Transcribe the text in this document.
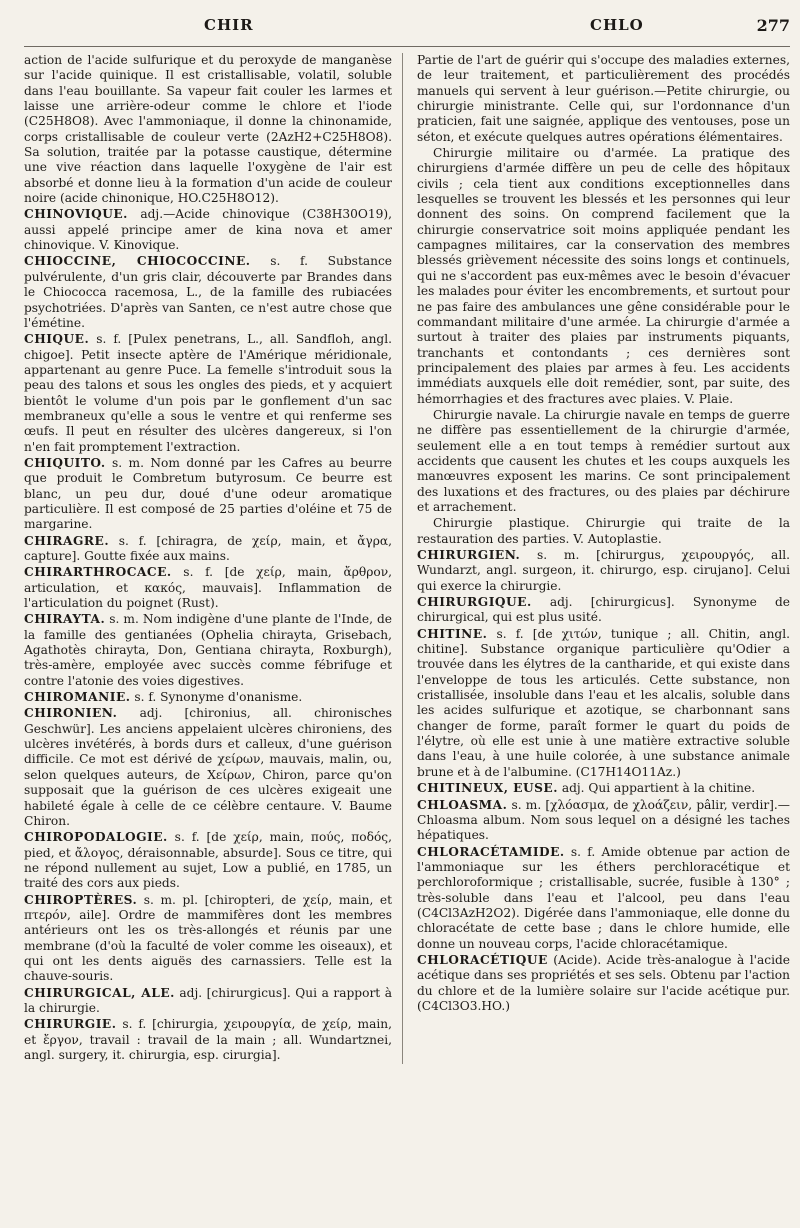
CHIR	CHLO	277

action de l'acide sulfurique et du peroxyde de manganèse sur l'acide quinique. Il est cristallisable, volatil, soluble dans l'eau bouillante. Sa vapeur fait couler les larmes et laisse une arrière-odeur comme le chlore et l'iode (C25H8O8). Avec l'ammoniaque, il donne la chinonamide, corps cristallisable de couleur verte (2AzH2+C25H8O8). Sa solution, traitée par la potasse caustique, détermine une vive réaction dans laquelle l'oxygène de l'air est absorbé et donne lieu à la formation d'un acide de couleur noire (acide chinonique, HO.C25H8O12).

CHINOVIQUE. adj.—Acide chinovique (C38H30O19), aussi appelé principe amer de kina nova et amer chinovique. V. Kinovique.

CHIOCCINE, CHIOCOCCINE. s. f. Substance pulvérulente, d'un gris clair, découverte par Brandes dans le Chiococca racemosa, L., de la famille des rubiacées psychotriées. D'après van Santen, ce n'est autre chose que l'émétine.

CHIQUE. s. f. [Pulex penetrans, L., all. Sandfloh, angl. chigoe]. Petit insecte aptère de l'Amérique méridionale, appartenant au genre Puce. La femelle s'introduit sous la peau des talons et sous les ongles des pieds, et y acquiert bientôt le volume d'un pois par le gonflement d'un sac membraneux qu'elle a sous le ventre et qui renferme ses œufs. Il peut en résulter des ulcères dangereux, si l'on n'en fait promptement l'extraction.

CHIQUITO. s. m. Nom donné par les Cafres au beurre que produit le Combretum butyrosum. Ce beurre est blanc, un peu dur, doué d'une odeur aromatique particulière. Il est composé de 25 parties d'oléine et 75 de margarine.

CHIRAGRE. s. f. [chiragra, de χείρ, main, et ἄγρα, capture]. Goutte fixée aux mains.

CHIRARTHROCACE. s. f. [de χείρ, main, ἄρθρον, articulation, et κακός, mauvais]. Inflammation de l'articulation du poignet (Rust).

CHIRAYTA. s. m. Nom indigène d'une plante de l'Inde, de la famille des gentianées (Ophelia chirayta, Grisebach, Agathotès chirayta, Don, Gentiana chirayta, Roxburgh), très-amère, employée avec succès comme fébrifuge et contre l'atonie des voies digestives.

CHIROMANIE. s. f. Synonyme d'onanisme.

CHIRONIEN. adj. [chironius, all. chironisches Geschwür]. Les anciens appelaient ulcères chironiens, des ulcères invétérés, à bords durs et calleux, d'une guérison difficile. Ce mot est dérivé de χείρων, mauvais, malin, ou, selon quelques auteurs, de Χείρων, Chiron, parce qu'on supposait que la guérison de ces ulcères exigeait une habileté égale à celle de ce célèbre centaure. V. Baume Chiron.

CHIROPODALOGIE. s. f. [de χείρ, main, πούς, ποδός, pied, et ἄλογος, déraisonnable, absurde]. Sous ce titre, qui ne répond nullement au sujet, Low a publié, en 1785, un traité des cors aux pieds.

CHIROPTÈRES. s. m. pl. [chiropteri, de χείρ, main, et πτερόν, aile]. Ordre de mammifères dont les membres antérieurs ont les os très-allongés et réunis par une membrane (d'où la faculté de voler comme les oiseaux), et qui ont les dents aiguës des carnassiers. Telle est la chauve-souris.

CHIRURGICAL, ALE. adj. [chirurgicus]. Qui a rapport à la chirurgie.

CHIRURGIE. s. f. [chirurgia, χειρουργία, de χείρ, main, et ἔργον, travail : travail de la main ; all. Wundartznei, angl. surgery, it. chirurgia, esp. cirurgia].

Partie de l'art de guérir qui s'occupe des maladies externes, de leur traitement, et particulièrement des procédés manuels qui servent à leur guérison.—Petite chirurgie, ou chirurgie ministrante. Celle qui, sur l'ordonnance d'un praticien, fait une saignée, applique des ventouses, pose un séton, et exécute quelques autres opérations élémentaires.

Chirurgie militaire ou d'armée. La pratique des chirurgiens d'armée diffère un peu de celle des hôpitaux civils ; cela tient aux conditions exceptionnelles dans lesquelles se trouvent les blessés et les personnes qui leur donnent des soins. On comprend facilement que la chirurgie conservatrice soit moins appliquée pendant les campagnes militaires, car la conservation des membres blessés grièvement nécessite des soins longs et continuels, qui ne s'accordent pas eux-mêmes avec le besoin d'évacuer les malades pour éviter les encombrements, et surtout pour ne pas faire des ambulances une gêne considérable pour le commandant militaire d'une armée. La chirurgie d'armée a surtout à traiter des plaies par instruments piquants, tranchants et contondants ; ces dernières sont principalement des plaies par armes à feu. Les accidents immédiats auxquels elle doit remédier, sont, par suite, des hémorrhagies et des fractures avec plaies. V. Plaie.

Chirurgie navale. La chirurgie navale en temps de guerre ne diffère pas essentiellement de la chirurgie d'armée, seulement elle a en tout temps à remédier surtout aux accidents que causent les chutes et les coups auxquels les manœuvres exposent les marins. Ce sont principalement des luxations et des fractures, ou des plaies par déchirure et arrachement.

Chirurgie plastique. Chirurgie qui traite de la restauration des parties. V. Autoplastie.

CHIRURGIEN. s. m. [chirurgus, χειρουργός, all. Wundarzt, angl. surgeon, it. chirurgo, esp. cirujano]. Celui qui exerce la chirurgie.

CHIRURGIQUE. adj. [chirurgicus]. Synonyme de chirurgical, qui est plus usité.

CHITINE. s. f. [de χιτών, tunique ; all. Chitin, angl. chitine]. Substance organique particulière qu'Odier a trouvée dans les élytres de la cantharide, et qui existe dans l'enveloppe de tous les articulés. Cette substance, non cristallisée, insoluble dans l'eau et les alcalis, soluble dans les acides sulfurique et azotique, se charbonnant sans changer de forme, paraît former le quart du poids de l'élytre, où elle est unie à une matière extractive soluble dans l'eau, à une huile colorée, à une substance animale brune et à de l'albumine. (C17H14O11Az.)

CHITINEUX, EUSE. adj. Qui appartient à la chitine.

CHLOASMA. s. m. [χλόασμα, de χλοάζειν, pâlir, verdir].—Chloasma album. Nom sous lequel on a désigné les taches hépatiques.

CHLORACÉTAMIDE. s. f. Amide obtenue par action de l'ammoniaque sur les éthers perchloracétique et perchloroformique ; cristallisable, sucrée, fusible à 130° ; très-soluble dans l'eau et l'alcool, peu dans l'eau (C4Cl3AzH2O2). Digérée dans l'ammoniaque, elle donne du chloracétate de cette base ; dans le chlore humide, elle donne un nouveau corps, l'acide chloracétamique.

CHLORACÉTIQUE (Acide). Acide très-analogue à l'acide acétique dans ses propriétés et ses sels. Obtenu par l'action du chlore et de la lumière solaire sur l'acide acétique pur. (C4Cl3O3.HO.)
